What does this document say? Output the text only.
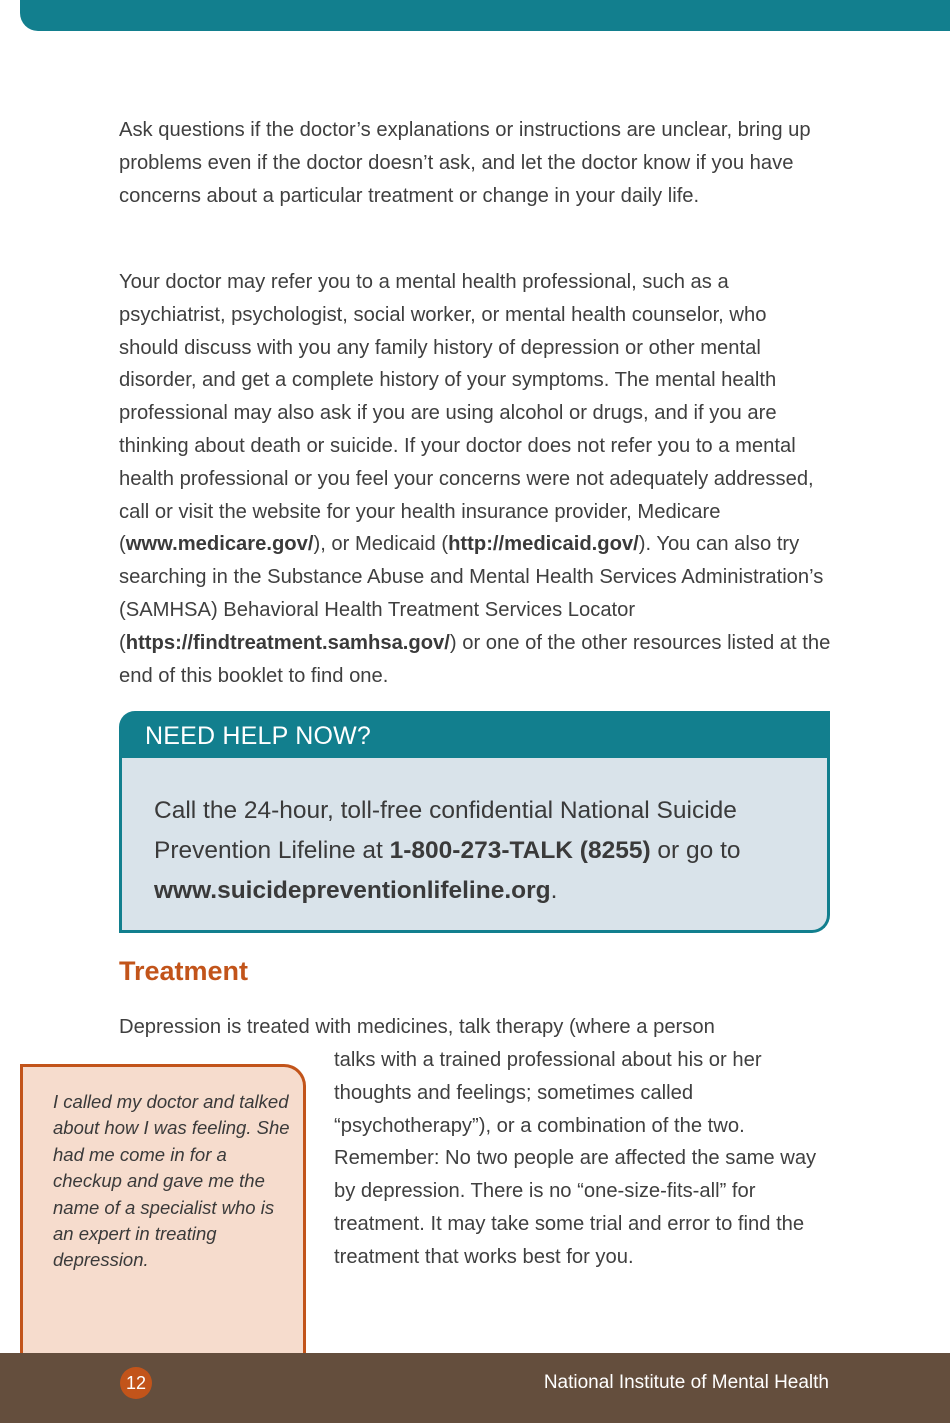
Ask questions if the doctor’s explanations or instructions are unclear, bring up problems even if the doctor doesn’t ask, and let the doctor know if you have concerns about a particular treatment or change in your daily life.

Your doctor may refer you to a mental health professional, such as a psychiatrist, psychologist, social worker, or mental health counselor, who should discuss with you any family history of depression or other mental disorder, and get a complete history of your symptoms. The mental health professional may also ask if you are using alcohol or drugs, and if you are thinking about death or suicide. If your doctor does not refer you to a mental health professional or you feel your concerns were not adequately addressed, call or visit the website for your health insurance provider, Medicare (www.medicare.gov/), or Medicaid (http://medicaid.gov/). You can also try searching in the Substance Abuse and Mental Health Services Administration’s (SAMHSA) Behavioral Health Treatment Services Locator (https://findtreatment.samhsa.gov/) or one of the other resources listed at the end of this booklet to find one.

NEED HELP NOW?

Call the 24-hour, toll-free confidential National Suicide Prevention Lifeline at 1-800-273-TALK (8255) or go to www.suicidepreventionlifeline.org.

Treatment

Depression is treated with medicines, talk therapy (where a person

talks with a trained professional about his or her thoughts and feelings; sometimes called “psychotherapy”), or a combination of the two. Remember: No two people are affected the same way by depression. There is no “one-size-fits-all” for treatment. It may take some trial and error to find the treatment that works best for you.

I called my doctor and talked about how I was feeling. She had me come in for a checkup and gave me the name of a specialist who is an expert in treating depression.

12	National Institute of Mental Health
